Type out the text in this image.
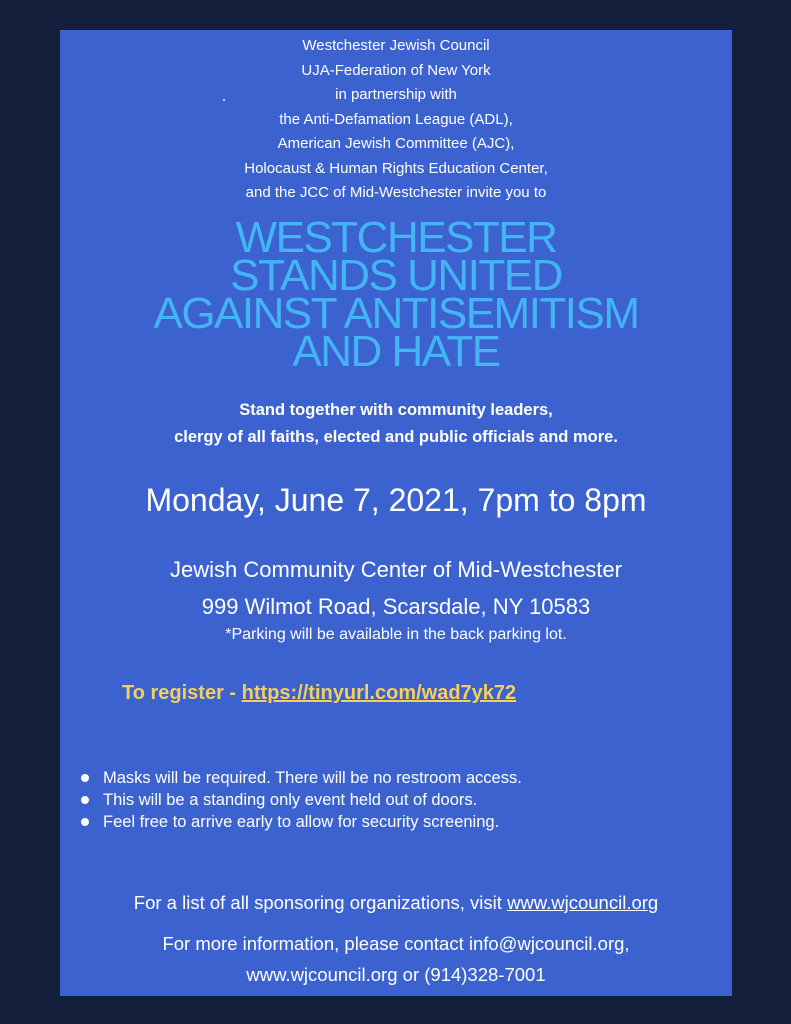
Westchester Jewish Council
UJA-Federation of New York
in partnership with
the Anti-Defamation League (ADL),
American Jewish Committee (AJC),
Holocaust & Human Rights Education Center,
and the JCC of Mid-Westchester invite you to
WESTCHESTER
STANDS UNITED
AGAINST ANTISEMITISM
AND HATE
Stand together with community leaders,
clergy of all faiths, elected and public officials and more.
Monday, June 7, 2021, 7pm to 8pm
Jewish Community Center of Mid-Westchester
999 Wilmot Road, Scarsdale, NY 10583
*Parking will be available in the back parking lot.
To register - https://tinyurl.com/wad7yk72
Masks will be required. There will be no restroom access.
This will be a standing only event held out of doors.
Feel free to arrive early to allow for security screening.
For a list of all sponsoring organizations, visit www.wjcouncil.org
For more information, please contact info@wjcouncil.org,
www.wjcouncil.org or (914)328-7001
